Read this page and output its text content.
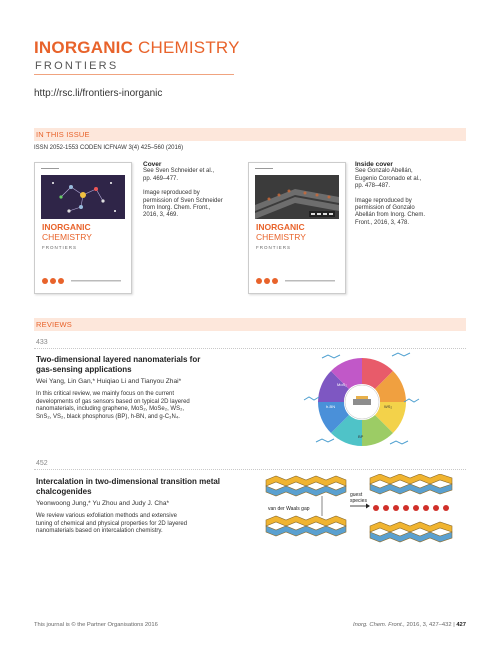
INORGANIC CHEMISTRY
FRONTIERS
http://rsc.li/frontiers-inorganic
IN THIS ISSUE
ISSN 2052-1553 CODEN ICFNAW 3(4) 425–560 (2016)
INORGANIC
CHEMISTRY
FRONTIERS
Cover
See Sven Schneider et al.,
pp. 469–477.
Image reproduced by
permission of Sven Schneider
from Inorg. Chem. Front.,
2016, 3, 469.
INORGANIC
CHEMISTRY
FRONTIERS
Inside cover
See Gonzalo Abellán,
Eugenio Coronado et al.,
pp. 478–487.
Image reproduced by
permission of Gonzalo
Abellán from Inorg. Chem.
Front., 2016, 3, 478.
REVIEWS
433
Two-dimensional layered nanomaterials for
gas-sensing applications
Wei Yang, Lin Gan,* Huiqiao Li and Tianyou Zhai*
In this critical review, we mainly focus on the current
developments of gas sensors based on typical 2D layered
nanomaterials, including graphene, MoS₂, MoSe₂, WS₂,
SnS₂, VS₂, black phosphorus (BP), h-BN, and g-C₃N₄.
MoS₂
WS₂
BP
h-BN
452
Intercalation in two-dimensional transition metal
chalcogenides
Yeonwoong Jung,* Yu Zhou and Judy J. Cha*
We review various exfoliation methods and extensive
tuning of chemical and physical properties for 2D layered
nanomaterials based on intercalation chemistry.
van der Waals gap
guest
species
This journal is © the Partner Organisations 2016	Inorg. Chem. Front., 2016, 3, 427–432 | 427
